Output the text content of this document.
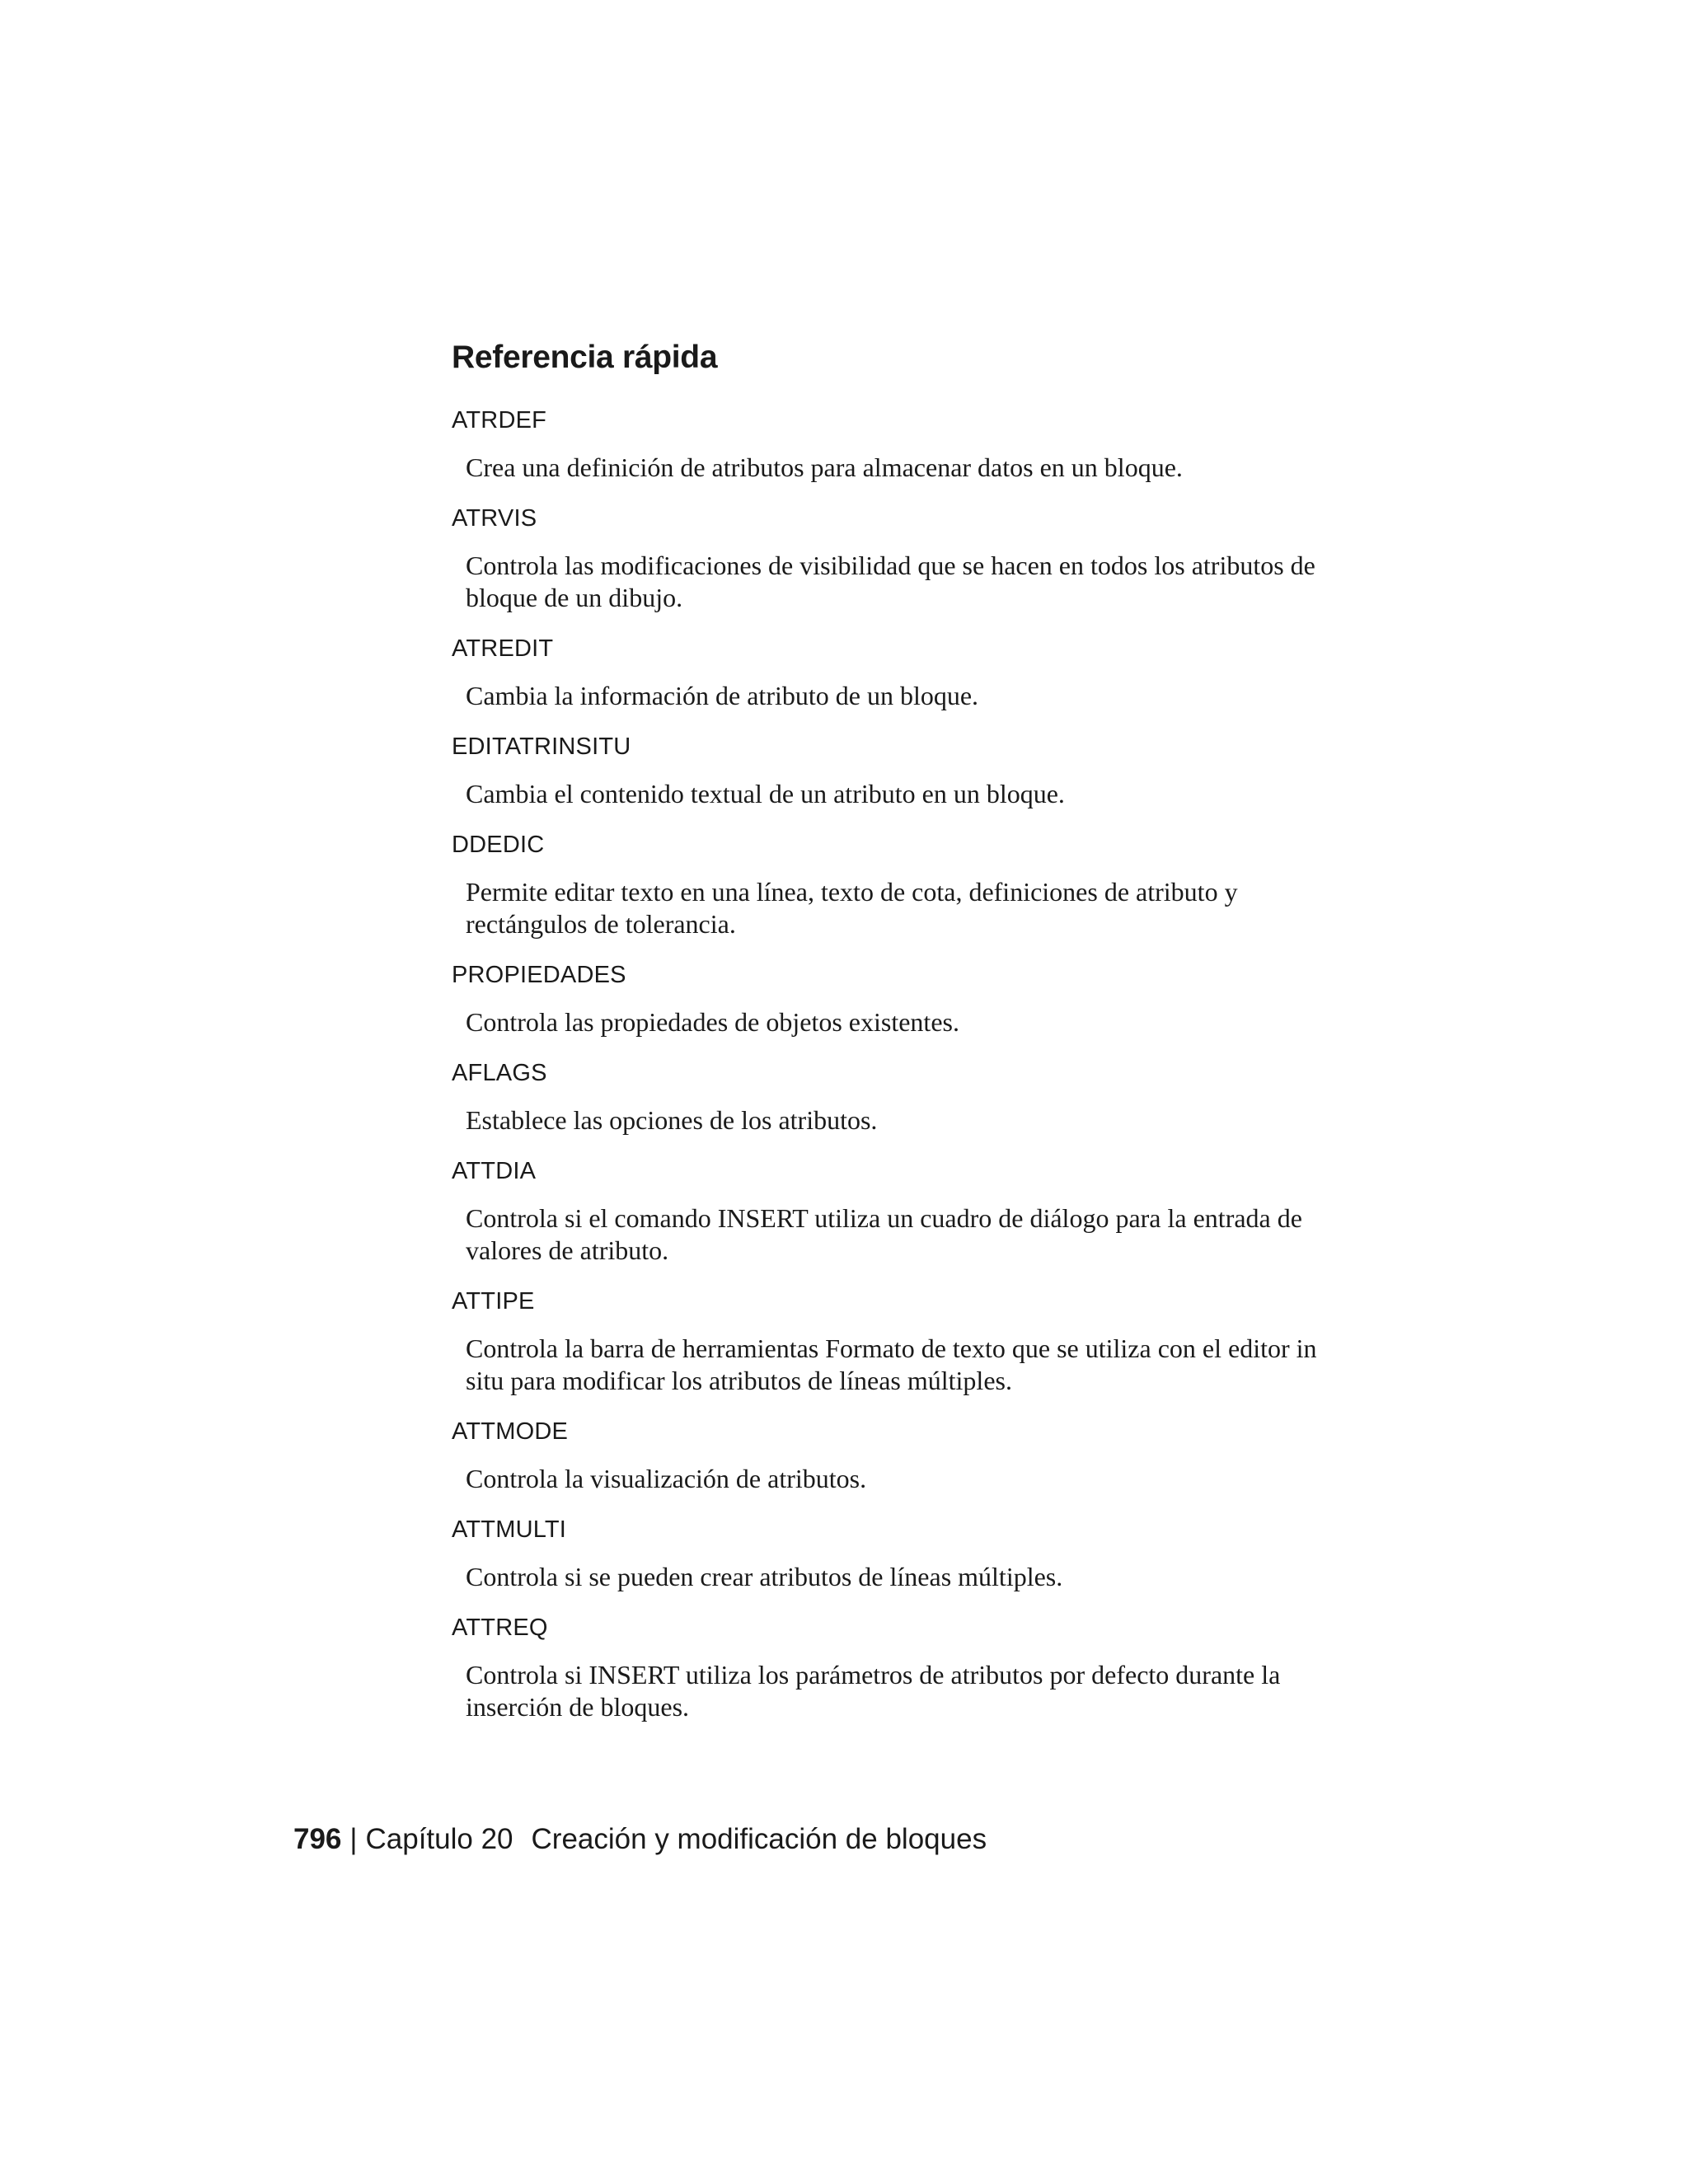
Referencia rápida
ATRDEF
Crea una definición de atributos para almacenar datos en un bloque.
ATRVIS
Controla las modificaciones de visibilidad que se hacen en todos los atributos de bloque de un dibujo.
ATREDIT
Cambia la información de atributo de un bloque.
EDITATRINSITU
Cambia el contenido textual de un atributo en un bloque.
DDEDIC
Permite editar texto en una línea, texto de cota, definiciones de atributo y rectángulos de tolerancia.
PROPIEDADES
Controla las propiedades de objetos existentes.
AFLAGS
Establece las opciones de los atributos.
ATTDIA
Controla si el comando INSERT utiliza un cuadro de diálogo para la entrada de valores de atributo.
ATTIPE
Controla la barra de herramientas Formato de texto que se utiliza con el editor in situ para modificar los atributos de líneas múltiples.
ATTMODE
Controla la visualización de atributos.
ATTMULTI
Controla si se pueden crear atributos de líneas múltiples.
ATTREQ
Controla si INSERT utiliza los parámetros de atributos por defecto durante la inserción de bloques.
796 | Capítulo 20 Creación y modificación de bloques
